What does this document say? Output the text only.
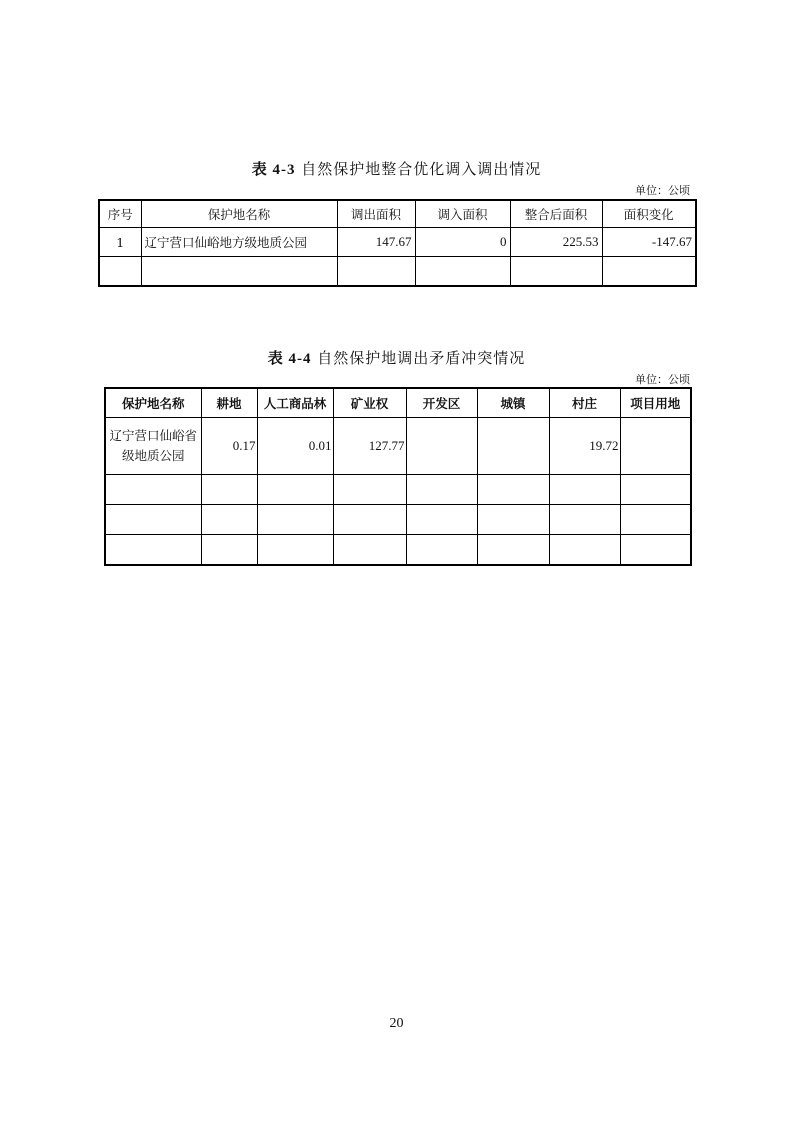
表 4-3 自然保护地整合优化调入调出情况
单位：公顷
序号	保护地名称	调出面积	调入面积	整合后面积	面积变化
1	辽宁营口仙峪地方级地质公园	147.67	0	225.53	-147.67

表 4-4 自然保护地调出矛盾冲突情况
单位：公顷
保护地名称	耕地	人工商品林	矿业权	开发区	城镇	村庄	项目用地
辽宁营口仙峪省级地质公园	0.17	0.01	127.77			19.72	

20
